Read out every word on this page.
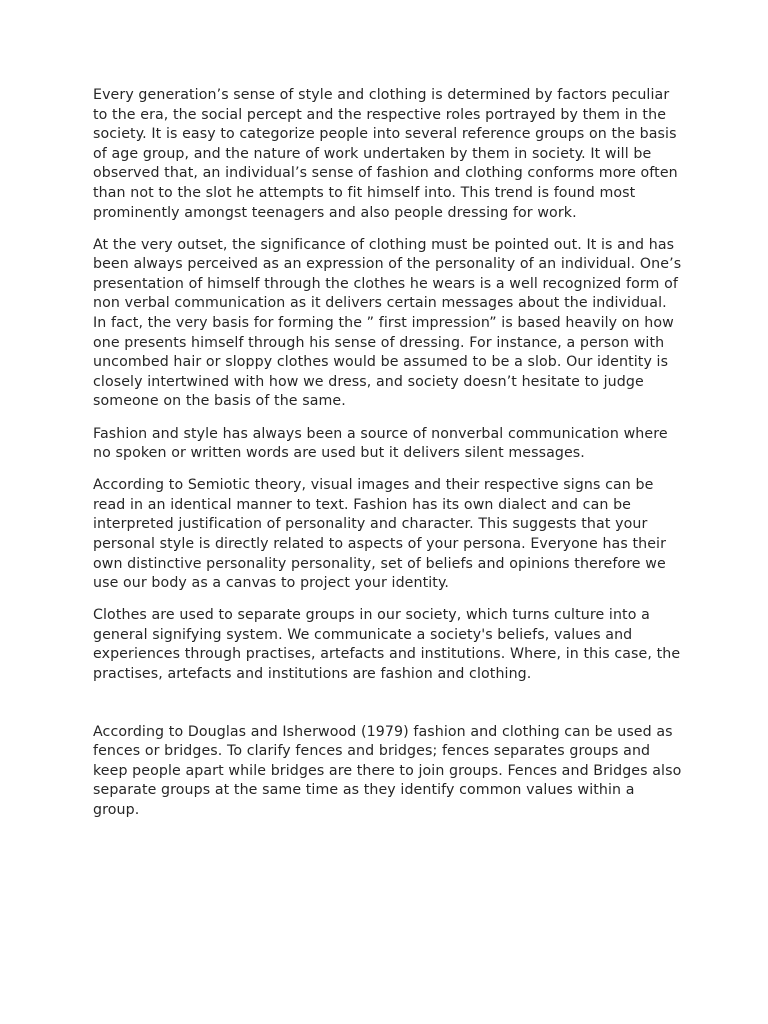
Every generation’s sense of style and clothing is determined by factors peculiar to the era, the social percept and the respective roles portrayed by them in the society. It is easy to categorize people into several reference groups on the basis of age group, and the nature of work undertaken by them in society. It will be observed that, an individual’s sense of fashion and clothing conforms more often than not to the slot he attempts to fit himself into. This trend is found most prominently amongst teenagers and also people dressing for work.

At the very outset, the significance of clothing must be pointed out. It is and has been always perceived as an expression of the personality of an individual. One’s presentation of himself through the clothes he wears is a well recognized form of non verbal communication as it delivers certain messages about the individual. In fact, the very basis for forming the ” first impression” is based heavily on how one presents himself through his sense of dressing. For instance, a person with uncombed hair or sloppy clothes would be assumed to be a slob. Our identity is closely intertwined with how we dress, and society doesn’t hesitate to judge someone on the basis of the same.

Fashion and style has always been a source of nonverbal communication where no spoken or written words are used but it delivers silent messages.

According to Semiotic theory, visual images and their respective signs can be read in an identical manner to text. Fashion has its own dialect and can be interpreted justification of personality and character. This suggests that your personal style is directly related to aspects of your persona. Everyone has their own distinctive personality personality, set of beliefs and opinions therefore we use our body as a canvas to project your identity.

Clothes are used to separate groups in our society, which turns culture into a general signifying system. We communicate a society's beliefs, values and experiences through practises, artefacts and institutions. Where, in this case, the practises, artefacts and institutions are fashion and clothing.

According to Douglas and Isherwood (1979) fashion and clothing can be used as fences or bridges. To clarify fences and bridges; fences separates groups and keep people apart while bridges are there to join groups. Fences and Bridges also separate groups at the same time as they identify common values within a group.
